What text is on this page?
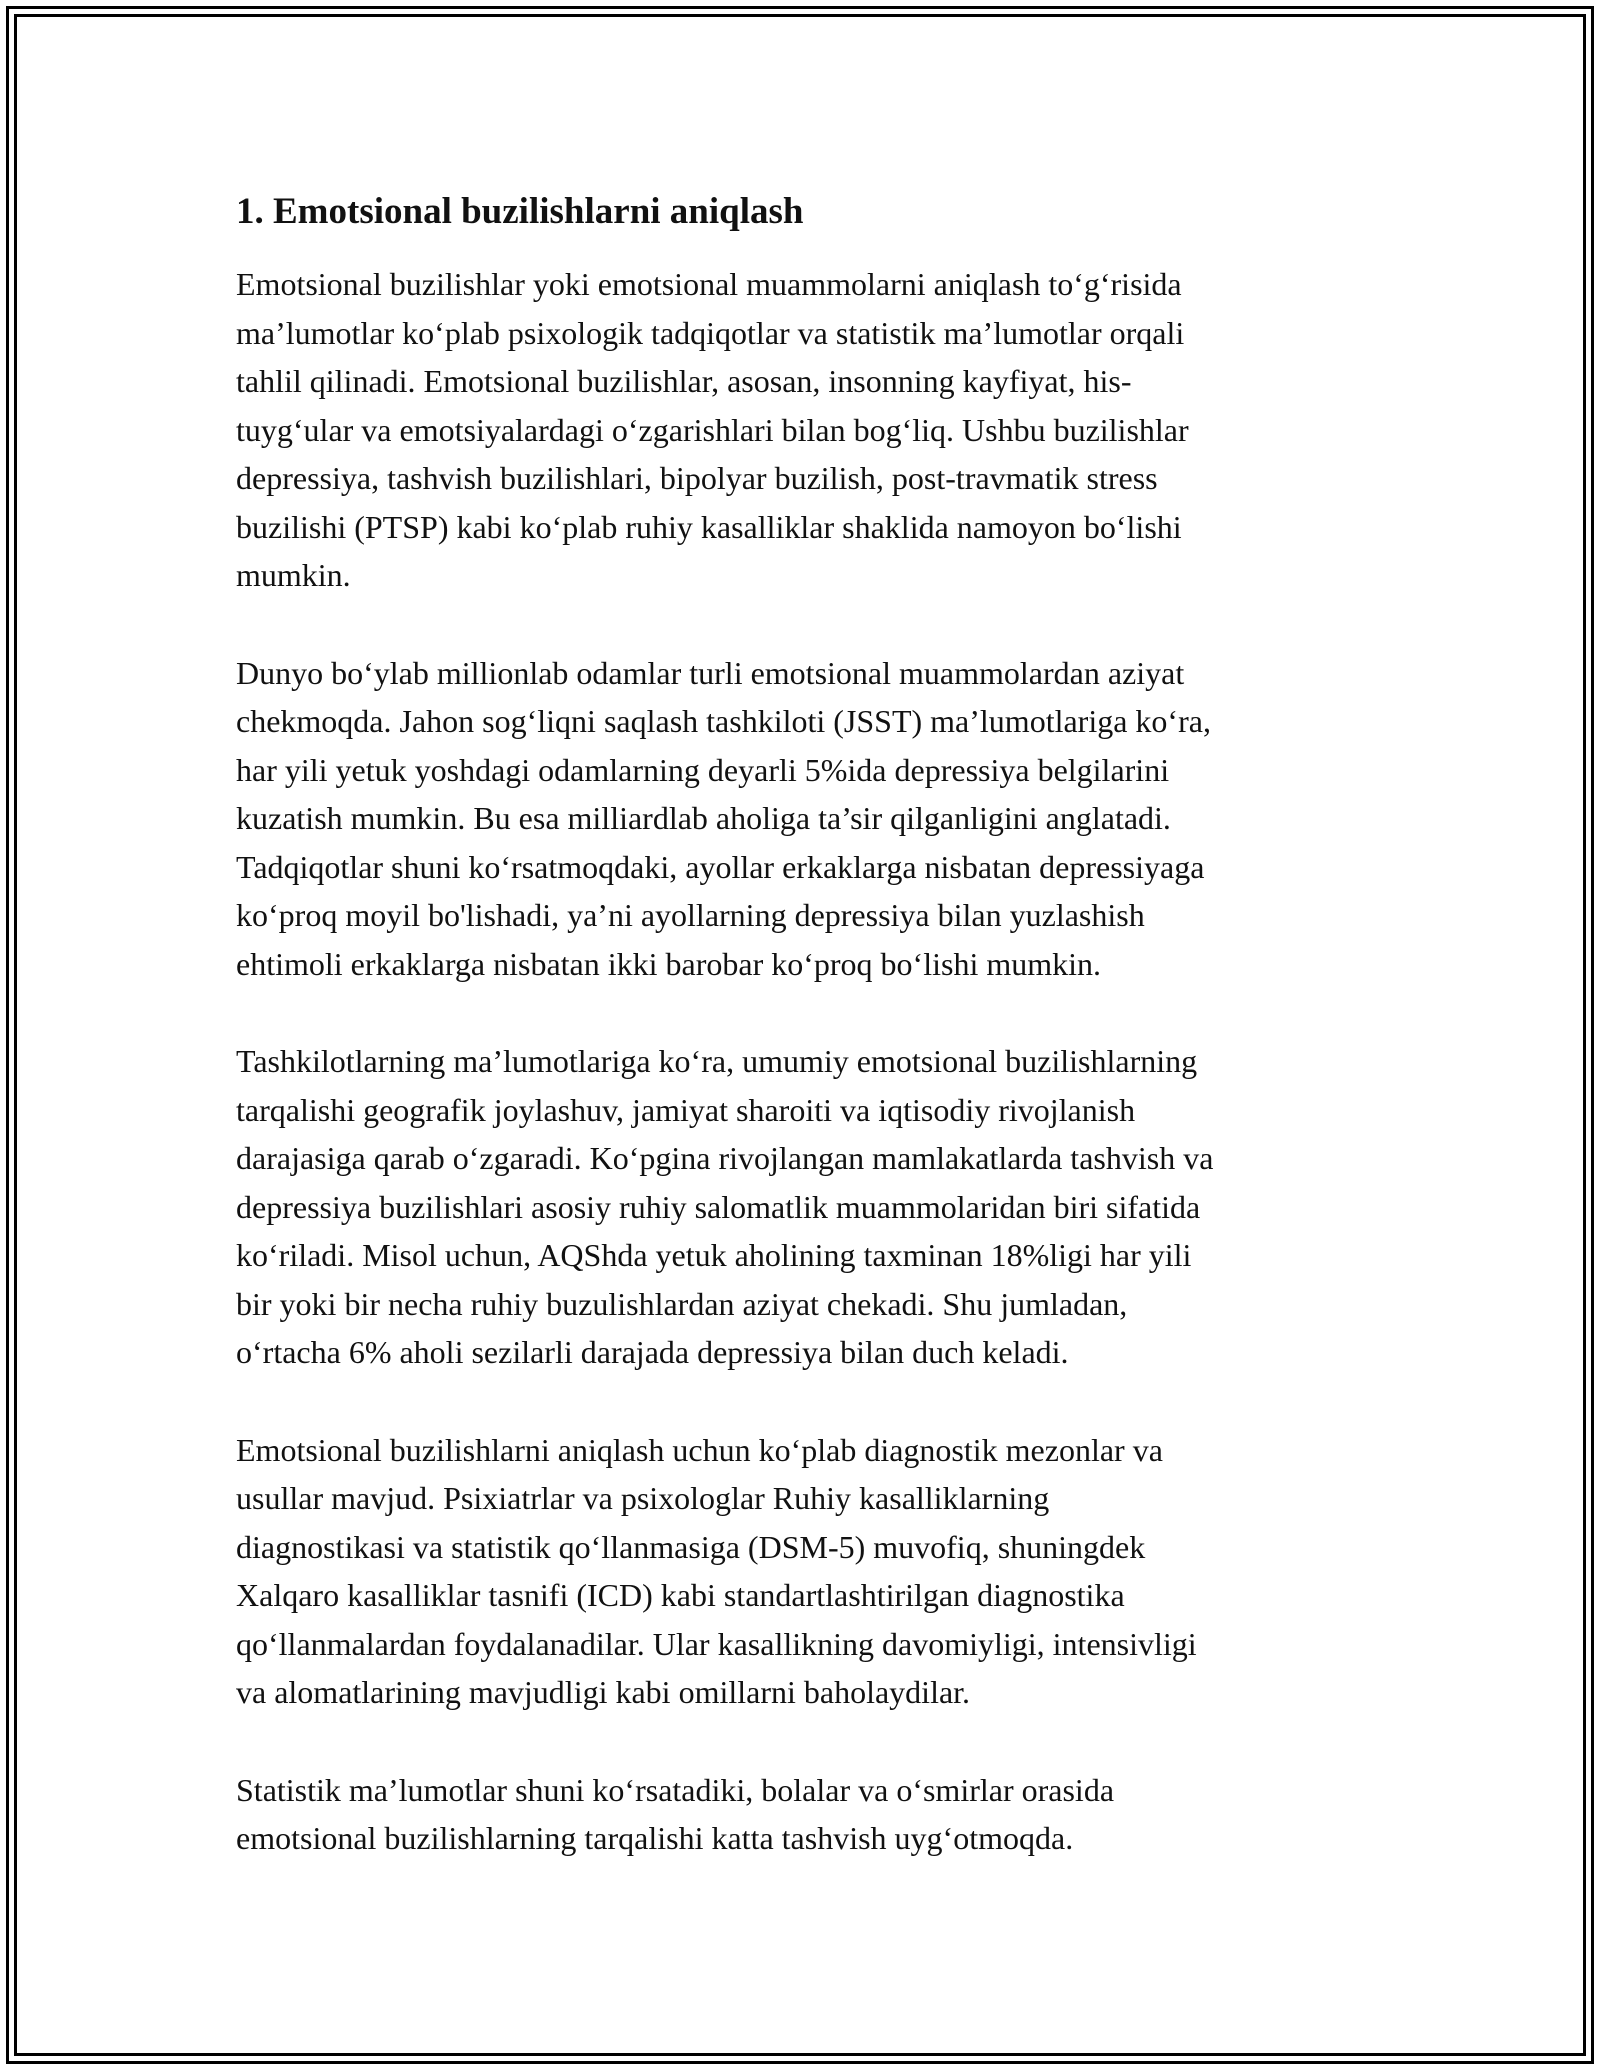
1. Emotsional buzilishlarni aniqlash

Emotsional buzilishlar yoki emotsional muammolarni aniqlash to‘g‘risida
ma’lumotlar ko‘plab psixologik tadqiqotlar va statistik ma’lumotlar orqali
tahlil qilinadi. Emotsional buzilishlar, asosan, insonning kayfiyat, his-
tuyg‘ular va emotsiyalardagi o‘zgarishlari bilan bog‘liq. Ushbu buzilishlar
depressiya, tashvish buzilishlari, bipolyar buzilish, post-travmatik stress
buzilishi (PTSP) kabi ko‘plab ruhiy kasalliklar shaklida namoyon bo‘lishi
mumkin.

Dunyo bo‘ylab millionlab odamlar turli emotsional muammolardan aziyat
chekmoqda. Jahon sog‘liqni saqlash tashkiloti (JSST) ma’lumotlariga ko‘ra,
har yili yetuk yoshdagi odamlarning deyarli 5%ida depressiya belgilarini
kuzatish mumkin. Bu esa milliardlab aholiga ta’sir qilganligini anglatadi.
Tadqiqotlar shuni ko‘rsatmoqdaki, ayollar erkaklarga nisbatan depressiyaga
ko‘proq moyil bo'lishadi, ya’ni ayollarning depressiya bilan yuzlashish
ehtimoli erkaklarga nisbatan ikki barobar ko‘proq bo‘lishi mumkin.

Tashkilotlarning ma’lumotlariga ko‘ra, umumiy emotsional buzilishlarning
tarqalishi geografik joylashuv, jamiyat sharoiti va iqtisodiy rivojlanish
darajasiga qarab o‘zgaradi. Ko‘pgina rivojlangan mamlakatlarda tashvish va
depressiya buzilishlari asosiy ruhiy salomatlik muammolaridan biri sifatida
ko‘riladi. Misol uchun, AQShda yetuk aholining taxminan 18%ligi har yili
bir yoki bir necha ruhiy buzulishlardan aziyat chekadi. Shu jumladan,
o‘rtacha 6% aholi sezilarli darajada depressiya bilan duch keladi.

Emotsional buzilishlarni aniqlash uchun ko‘plab diagnostik mezonlar va
usullar mavjud. Psixiatrlar va psixologlar Ruhiy kasalliklarning
diagnostikasi va statistik qo‘llanmasiga (DSM-5) muvofiq, shuningdek
Xalqaro kasalliklar tasnifi (ICD) kabi standartlashtirilgan diagnostika
qo‘llanmalardan foydalanadilar. Ular kasallikning davomiyligi, intensivligi
va alomatlarining mavjudligi kabi omillarni baholaydilar.

Statistik ma’lumotlar shuni ko‘rsatadiki, bolalar va o‘smirlar orasida
emotsional buzilishlarning tarqalishi katta tashvish uyg‘otmoqda.
